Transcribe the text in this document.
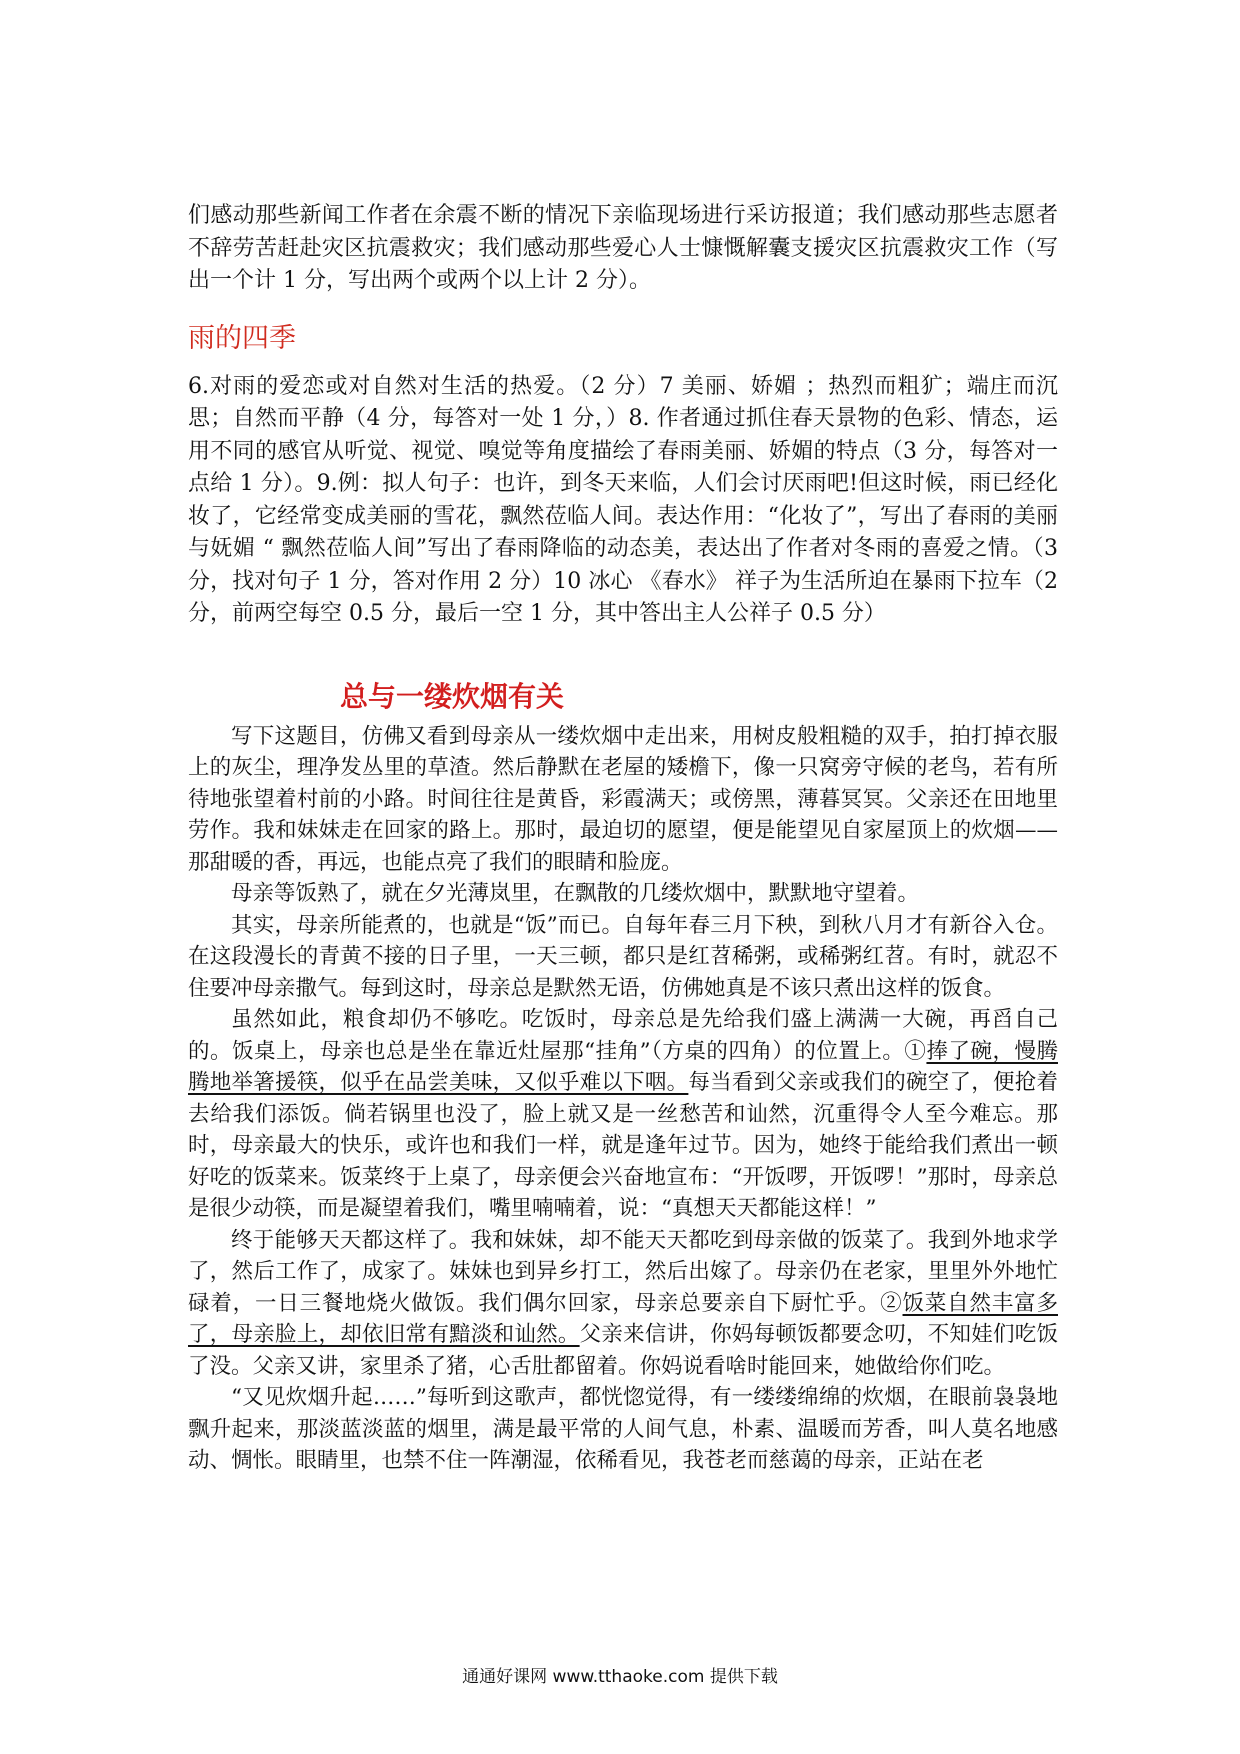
们感动那些新闻工作者在余震不断的情况下亲临现场进行采访报道；我们感动那些志愿者不辞劳苦赶赴灾区抗震救灾；我们感动那些爱心人士慷慨解囊支援灾区抗震救灾工作（写出一个计 1 分，写出两个或两个以上计 2 分）。

雨的四季

6.对雨的爱恋或对自然对生活的热爱。（2 分）7 美丽、娇媚 ；热烈而粗犷；端庄而沉思；自然而平静（4 分，每答对一处 1 分，）8. 作者通过抓住春天景物的色彩、情态，运用不同的感官从听觉、视觉、嗅觉等角度描绘了春雨美丽、娇媚的特点（3 分，每答对一点给 1 分）。9.例：拟人句子：也许，到冬天来临，人们会讨厌雨吧!但这时候，雨已经化妆了，它经常变成美丽的雪花，飘然莅临人间。表达作用：“化妆了”，写出了春雨的美丽与妩媚 “ 飘然莅临人间”写出了春雨降临的动态美，表达出了作者对冬雨的喜爱之情。（3 分，找对句子 1 分，答对作用 2 分）10 冰心 《春水》 祥子为生活所迫在暴雨下拉车（2 分，前两空每空 0.5 分，最后一空 1 分，其中答出主人公祥子 0.5 分）

总与一缕炊烟有关

写下这题目，仿佛又看到母亲从一缕炊烟中走出来，用树皮般粗糙的双手，拍打掉衣服上的灰尘，理净发丛里的草渣。然后静默在老屋的矮檐下，像一只窝旁守候的老鸟，若有所待地张望着村前的小路。时间往往是黄昏，彩霞满天；或傍黑，薄暮冥冥。父亲还在田地里劳作。我和妹妹走在回家的路上。那时，最迫切的愿望，便是能望见自家屋顶上的炊烟——那甜暖的香，再远，也能点亮了我们的眼睛和脸庞。

母亲等饭熟了，就在夕光薄岚里，在飘散的几缕炊烟中，默默地守望着。

其实，母亲所能煮的，也就是“饭”而已。自每年春三月下秧，到秋八月才有新谷入仓。在这段漫长的青黄不接的日子里，一天三顿，都只是红苕稀粥，或稀粥红苕。有时，就忍不住要冲母亲撒气。每到这时，母亲总是默然无语，仿佛她真是不该只煮出这样的饭食。

虽然如此，粮食却仍不够吃。吃饭时，母亲总是先给我们盛上满满一大碗，再舀自己的。饭桌上，母亲也总是坐在靠近灶屋那“挂角”（方桌的四角）的位置上。①捧了碗，慢腾腾地举箸援筷，似乎在品尝美味，又似乎难以下咽。每当看到父亲或我们的碗空了，便抢着去给我们添饭。倘若锅里也没了，脸上就又是一丝愁苦和讪然，沉重得令人至今难忘。那时，母亲最大的快乐，或许也和我们一样，就是逢年过节。因为，她终于能给我们煮出一顿好吃的饭菜来。饭菜终于上桌了，母亲便会兴奋地宣布：“开饭啰，开饭啰！”那时，母亲总是很少动筷，而是凝望着我们，嘴里喃喃着，说：“真想天天都能这样！”

终于能够天天都这样了。我和妹妹，却不能天天都吃到母亲做的饭菜了。我到外地求学了，然后工作了，成家了。妹妹也到异乡打工，然后出嫁了。母亲仍在老家，里里外外地忙碌着，一日三餐地烧火做饭。我们偶尔回家，母亲总要亲自下厨忙乎。②饭菜自然丰富多了，母亲脸上，却依旧常有黯淡和讪然。父亲来信讲，你妈每顿饭都要念叨，不知娃们吃饭了没。父亲又讲，家里杀了猪，心舌肚都留着。你妈说看啥时能回来，她做给你们吃。

“又见炊烟升起……”每听到这歌声，都恍惚觉得，有一缕缕绵绵的炊烟，在眼前袅袅地飘升起来，那淡蓝淡蓝的烟里，满是最平常的人间气息，朴素、温暖而芳香，叫人莫名地感动、惆怅。眼睛里，也禁不住一阵潮湿，依稀看见，我苍老而慈蔼的母亲，正站在老

通通好课网 www.tthaoke.com 提供下载
